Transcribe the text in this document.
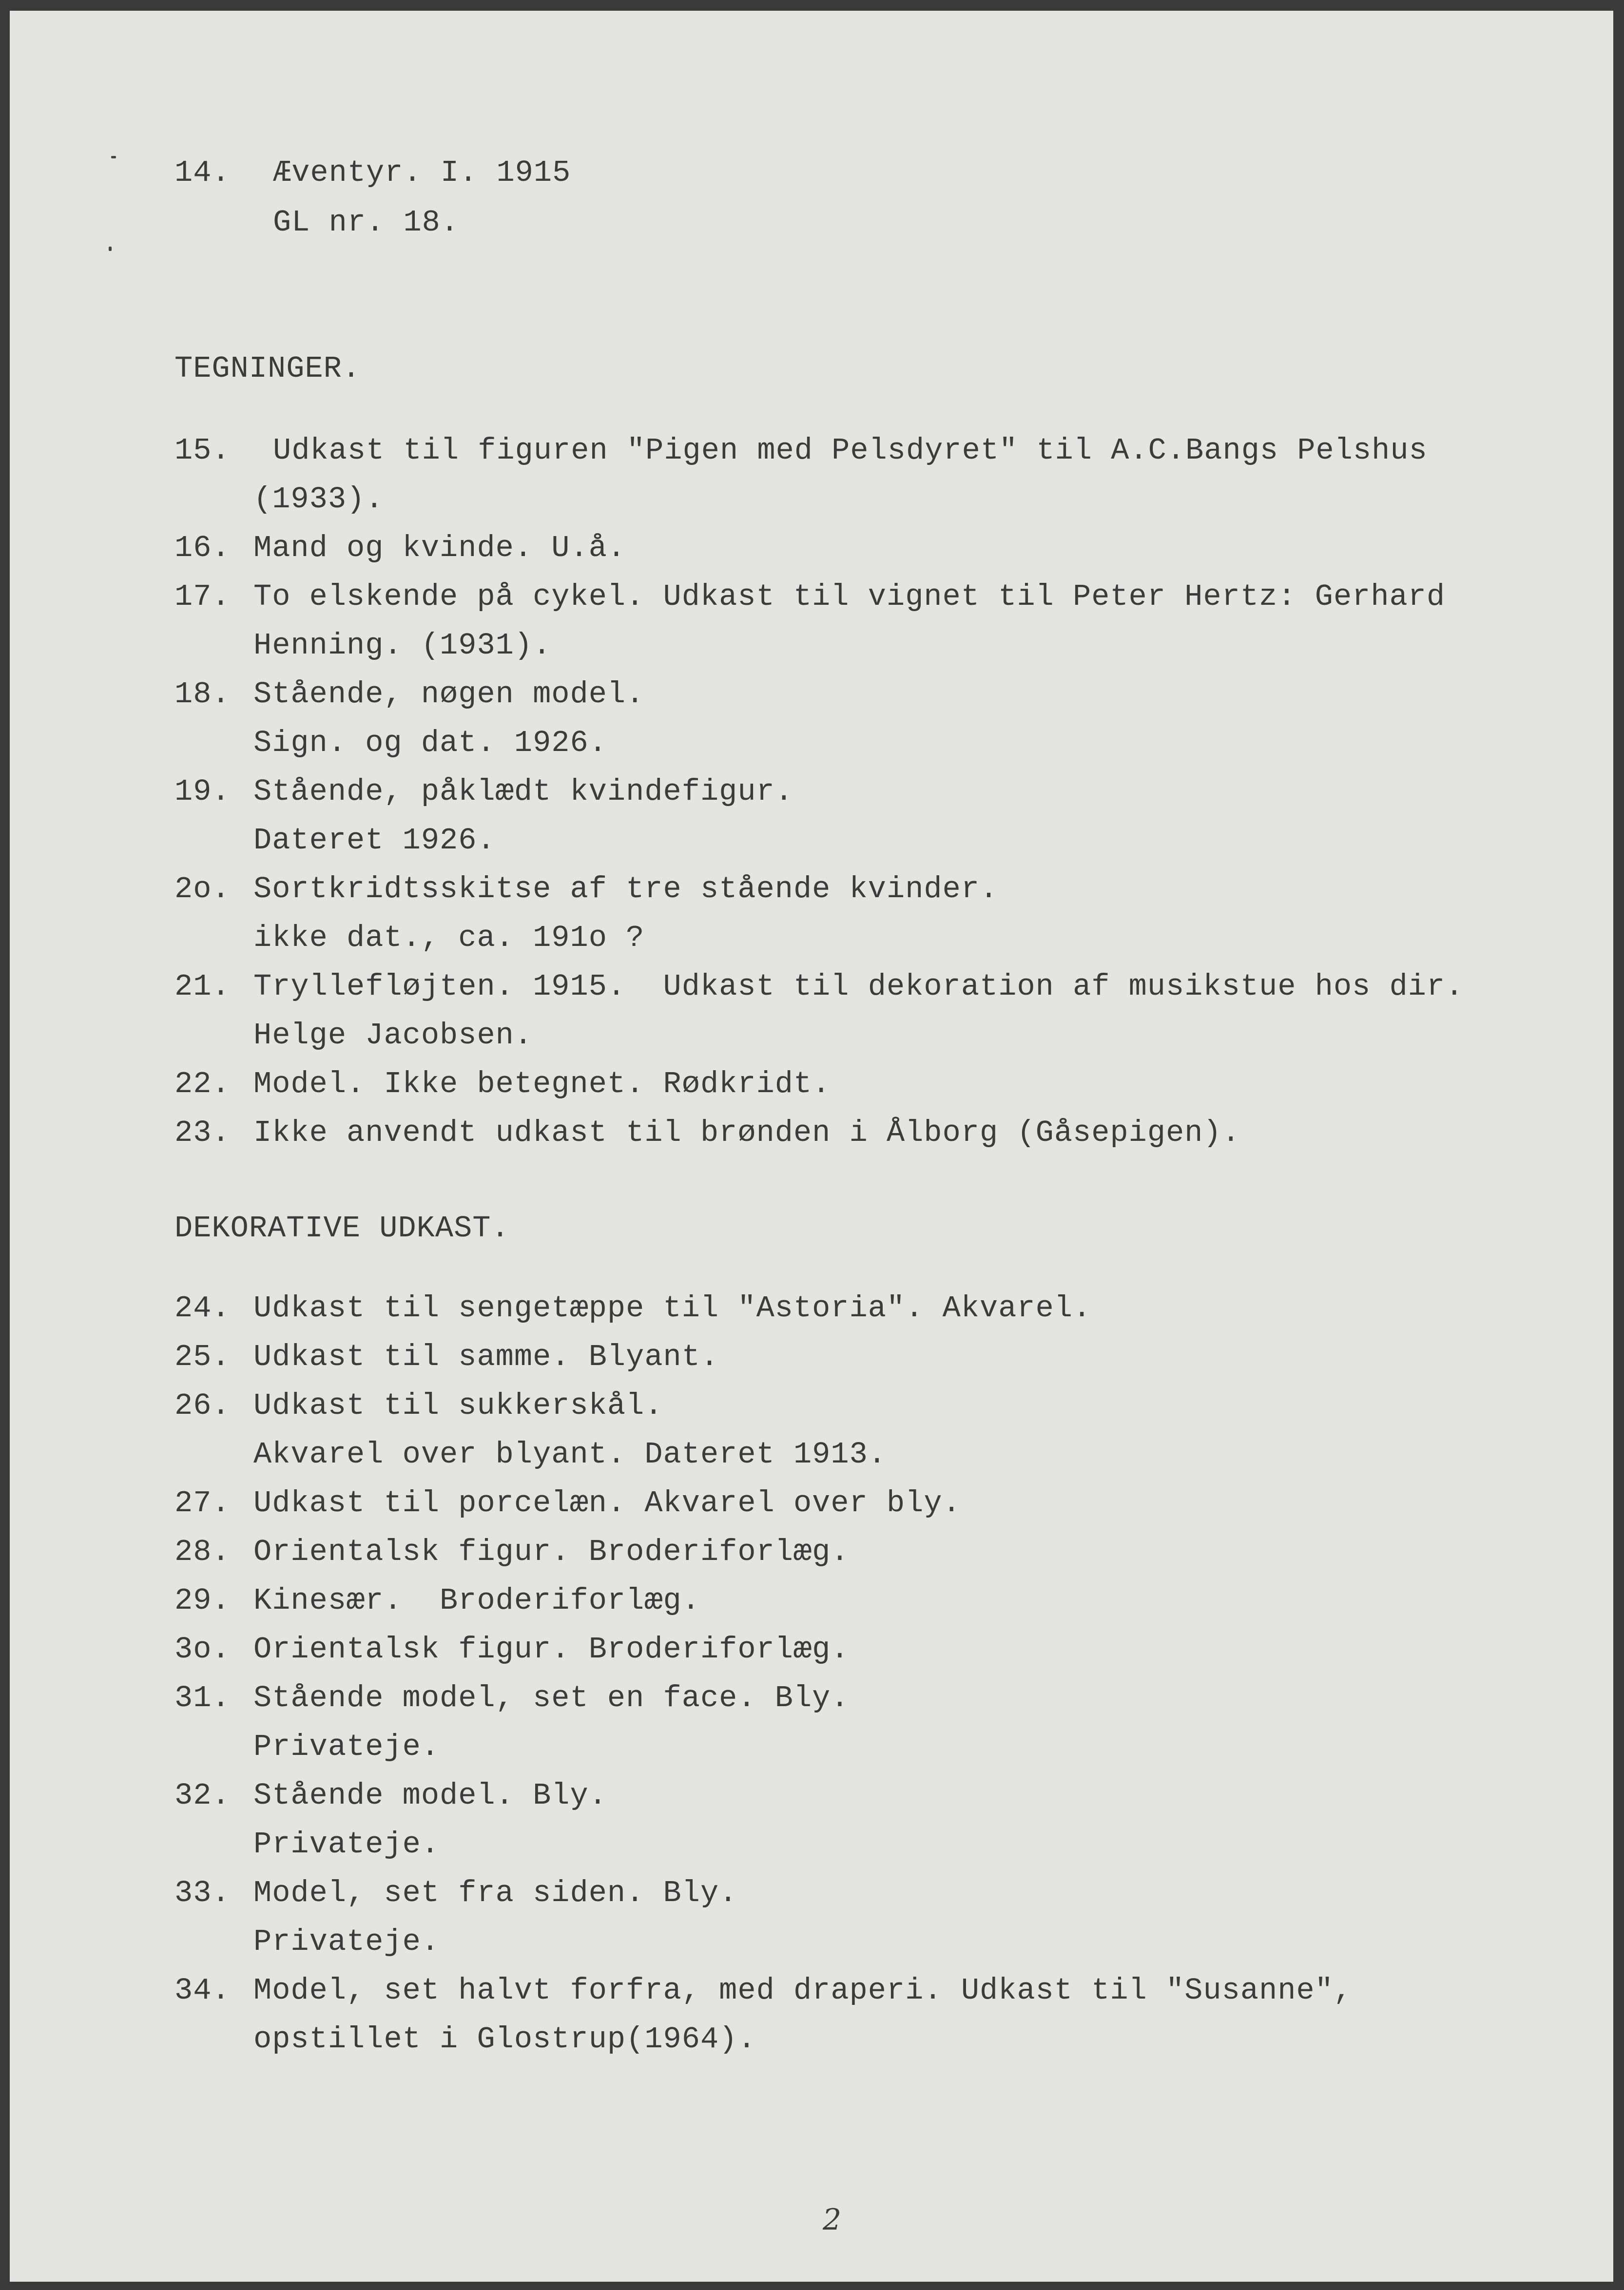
14. Æventyr. I. 1915
GL nr. 18.
TEGNINGER.
15. Udkast til figuren "Pigen med Pelsdyret" til A.C.Bangs Pelshus
(1933).
16. Mand og kvinde. U.å.
17. To elskende på cykel. Udkast til vignet til Peter Hertz: Gerhard
Henning. (1931).
18. Stående, nøgen model.
Sign. og dat. 1926.
19. Stående, påklædt kvindefigur.
Dateret 1926.
2o. Sortkridtsskitse af tre stående kvinder.
ikke dat., ca. 191o ?
21. Tryllefløjten. 1915.  Udkast til dekoration af musikstue hos dir.
Helge Jacobsen.
22. Model. Ikke betegnet. Rødkridt.
23. Ikke anvendt udkast til brønden i Ålborg (Gåsepigen).
DEKORATIVE UDKAST.
24. Udkast til sengetæppe til "Astoria". Akvarel.
25. Udkast til samme. Blyant.
26. Udkast til sukkerskål.
Akvarel over blyant. Dateret 1913.
27. Udkast til porcelæn. Akvarel over bly.
28. Orientalsk figur. Broderiforlæg.
29. Kinesær.  Broderiforlæg.
3o. Orientalsk figur. Broderiforlæg.
31. Stående model, set en face. Bly.
Privateje.
32. Stående model. Bly.
Privateje.
33. Model, set fra siden. Bly.
Privateje.
34. Model, set halvt forfra, med draperi. Udkast til "Susanne",
opstillet i Glostrup(1964).
2
